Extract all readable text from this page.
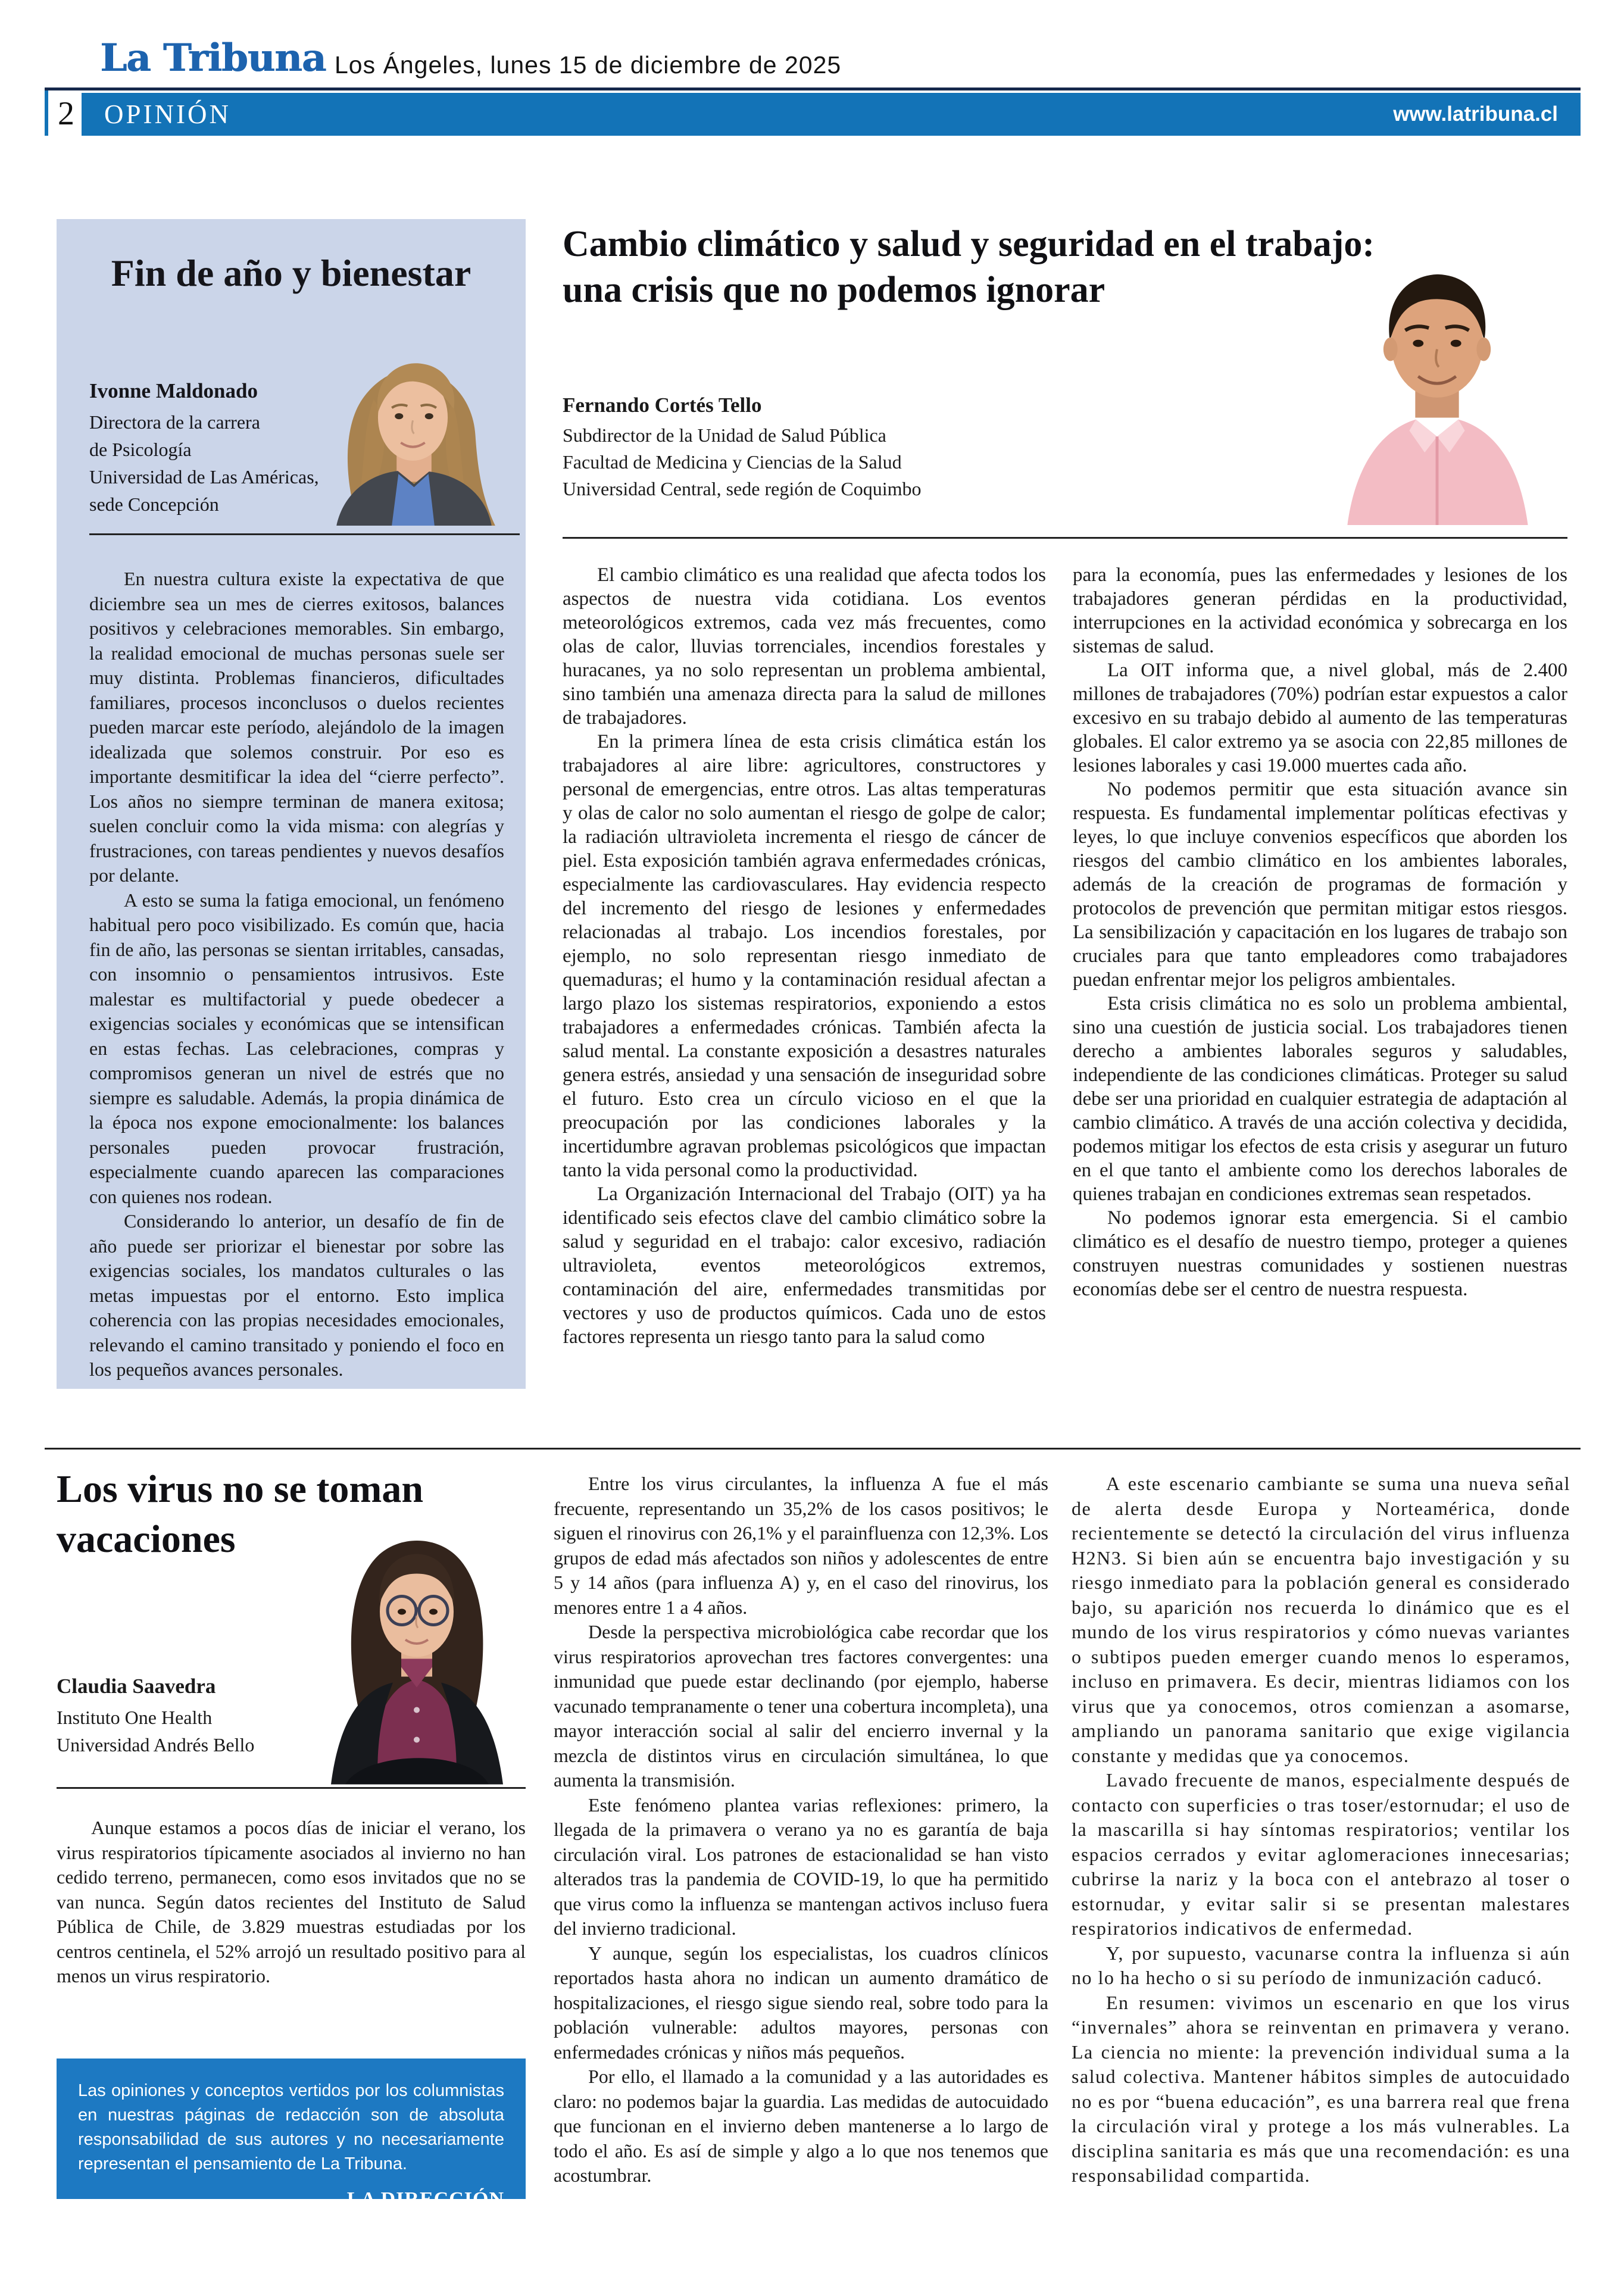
La Tribuna Los Ángeles, lunes 15 de diciembre de 2025
2 OPINIÓN	www.latribuna.cl
Fin de año y bienestar
Ivonne Maldonado
Directora de la carrera
de Psicología
Universidad de Las Américas,
sede Concepción

En nuestra cultura existe la expectativa de que diciembre sea un mes de cierres exitosos, balances positivos y celebraciones memorables. Sin embargo, la realidad emocional de muchas personas suele ser muy distinta. Problemas financieros, dificultades familiares, procesos inconclusos o duelos recientes pueden marcar este período, alejándolo de la imagen idealizada que solemos construir. Por eso es importante desmitificar la idea del “cierre perfecto”. Los años no siempre terminan de manera exitosa; suelen concluir como la vida misma: con alegrías y frustraciones, con tareas pendientes y nuevos desafíos por delante.

A esto se suma la fatiga emocional, un fenómeno habitual pero poco visibilizado. Es común que, hacia fin de año, las personas se sientan irritables, cansadas, con insomnio o pensamientos intrusivos. Este malestar es multifactorial y puede obedecer a exigencias sociales y económicas que se intensifican en estas fechas. Las celebraciones, compras y compromisos generan un nivel de estrés que no siempre es saludable. Además, la propia dinámica de la época nos expone emocionalmente: los balances personales pueden provocar frustración, especialmente cuando aparecen las comparaciones con quienes nos rodean.

Considerando lo anterior, un desafío de fin de año puede ser priorizar el bienestar por sobre las exigencias sociales, los mandatos culturales o las metas impuestas por el entorno. Esto implica coherencia con las propias necesidades emocionales, relevando el camino transitado y poniendo el foco en los pequeños avances personales.

Cambio climático y salud y seguridad en el trabajo:
una crisis que no podemos ignorar
Fernando Cortés Tello
Subdirector de la Unidad de Salud Pública
Facultad de Medicina y Ciencias de la Salud
Universidad Central, sede región de Coquimbo

El cambio climático es una realidad que afecta todos los aspectos de nuestra vida cotidiana. Los eventos meteorológicos extremos, cada vez más frecuentes, como olas de calor, lluvias torrenciales, incendios forestales y huracanes, ya no solo representan un problema ambiental, sino también una amenaza directa para la salud de millones de trabajadores.

En la primera línea de esta crisis climática están los trabajadores al aire libre: agricultores, constructores y personal de emergencias, entre otros. Las altas temperaturas y olas de calor no solo aumentan el riesgo de golpe de calor; la radiación ultravioleta incrementa el riesgo de cáncer de piel. Esta exposición también agrava enfermedades crónicas, especialmente las cardiovasculares. Hay evidencia respecto del incremento del riesgo de lesiones y enfermedades relacionadas al trabajo. Los incendios forestales, por ejemplo, no solo representan riesgo inmediato de quemaduras; el humo y la contaminación residual afectan a largo plazo los sistemas respiratorios, exponiendo a estos trabajadores a enfermedades crónicas. También afecta la salud mental. La constante exposición a desastres naturales genera estrés, ansiedad y una sensación de inseguridad sobre el futuro. Esto crea un círculo vicioso en el que la preocupación por las condiciones laborales y la incertidumbre agravan problemas psicológicos que impactan tanto la vida personal como la productividad.

La Organización Internacional del Trabajo (OIT) ya ha identificado seis efectos clave del cambio climático sobre la salud y seguridad en el trabajo: calor excesivo, radiación ultravioleta, eventos meteorológicos extremos, contaminación del aire, enfermedades transmitidas por vectores y uso de productos químicos. Cada uno de estos factores representa un riesgo tanto para la salud como

para la economía, pues las enfermedades y lesiones de los trabajadores generan pérdidas en la productividad, interrupciones en la actividad económica y sobrecarga en los sistemas de salud.

La OIT informa que, a nivel global, más de 2.400 millones de trabajadores (70%) podrían estar expuestos a calor excesivo en su trabajo debido al aumento de las temperaturas globales. El calor extremo ya se asocia con 22,85 millones de lesiones laborales y casi 19.000 muertes cada año.

No podemos permitir que esta situación avance sin respuesta. Es fundamental implementar políticas efectivas y leyes, lo que incluye convenios específicos que aborden los riesgos del cambio climático en los ambientes laborales, además de la creación de programas de formación y protocolos de prevención que permitan mitigar estos riesgos. La sensibilización y capacitación en los lugares de trabajo son cruciales para que tanto empleadores como trabajadores puedan enfrentar mejor los peligros ambientales.

Esta crisis climática no es solo un problema ambiental, sino una cuestión de justicia social. Los trabajadores tienen derecho a ambientes laborales seguros y saludables, independiente de las condiciones climáticas. Proteger su salud debe ser una prioridad en cualquier estrategia de adaptación al cambio climático. A través de una acción colectiva y decidida, podemos mitigar los efectos de esta crisis y asegurar un futuro en el que tanto el ambiente como los derechos laborales de quienes trabajan en condiciones extremas sean respetados.

No podemos ignorar esta emergencia. Si el cambio climático es el desafío de nuestro tiempo, proteger a quienes construyen nuestras comunidades y sostienen nuestras economías debe ser el centro de nuestra respuesta.

Los virus no se toman
vacaciones
Claudia Saavedra
Instituto One Health
Universidad Andrés Bello

Aunque estamos a pocos días de iniciar el verano, los virus respiratorios típicamente asociados al invierno no han cedido terreno, permanecen, como esos invitados que no se van nunca. Según datos recientes del Instituto de Salud Pública de Chile, de 3.829 muestras estudiadas por los centros centinela, el 52% arrojó un resultado positivo para al menos un virus respiratorio.

Entre los virus circulantes, la influenza A fue el más frecuente, representando un 35,2% de los casos positivos; le siguen el rinovirus con 26,1% y el parainfluenza con 12,3%. Los grupos de edad más afectados son niños y adolescentes de entre 5 y 14 años (para influenza A) y, en el caso del rinovirus, los menores entre 1 a 4 años.

Desde la perspectiva microbiológica cabe recordar que los virus respiratorios aprovechan tres factores convergentes: una inmunidad que puede estar declinando (por ejemplo, haberse vacunado tempranamente o tener una cobertura incompleta), una mayor interacción social al salir del encierro invernal y la mezcla de distintos virus en circulación simultánea, lo que aumenta la transmisión.

Este fenómeno plantea varias reflexiones: primero, la llegada de la primavera o verano ya no es garantía de baja circulación viral. Los patrones de estacionalidad se han visto alterados tras la pandemia de COVID-19, lo que ha permitido que virus como la influenza se mantengan activos incluso fuera del invierno tradicional.

Y aunque, según los especialistas, los cuadros clínicos reportados hasta ahora no indican un aumento dramático de hospitalizaciones, el riesgo sigue siendo real, sobre todo para la población vulnerable: adultos mayores, personas con enfermedades crónicas y niños más pequeños.

Por ello, el llamado a la comunidad y a las autoridades es claro: no podemos bajar la guardia. Las medidas de autocuidado que funcionan en el invierno deben mantenerse a lo largo de todo el año. Es así de simple y algo a lo que nos tenemos que acostumbrar.

A este escenario cambiante se suma una nueva señal de alerta desde Europa y Norteamérica, donde recientemente se detectó la circulación del virus influenza H2N3. Si bien aún se encuentra bajo investigación y su riesgo inmediato para la población general es considerado bajo, su aparición nos recuerda lo dinámico que es el mundo de los virus respiratorios y cómo nuevas variantes o subtipos pueden emerger cuando menos lo esperamos, incluso en primavera. Es decir, mientras lidiamos con los virus que ya conocemos, otros comienzan a asomarse, ampliando un panorama sanitario que exige vigilancia constante y medidas que ya conocemos.

Lavado frecuente de manos, especialmente después de contacto con superficies o tras toser/estornudar; el uso de la mascarilla si hay síntomas respiratorios; ventilar los espacios cerrados y evitar aglomeraciones innecesarias; cubrirse la nariz y la boca con el antebrazo al toser o estornudar, y evitar salir si se presentan malestares respiratorios indicativos de enfermedad.

Y, por supuesto, vacunarse contra la influenza si aún no lo ha hecho o si su período de inmunización caducó.

En resumen: vivimos un escenario en que los virus “invernales” ahora se reinventan en primavera y verano. La ciencia no miente: la prevención individual suma a la salud colectiva. Mantener hábitos simples de autocuidado no es por “buena educación”, es una barrera real que frena la circulación viral y protege a los más vulnerables. La disciplina sanitaria es más que una recomendación: es una responsabilidad compartida.

Las opiniones y conceptos vertidos por los columnistas en nuestras páginas de redacción son de absoluta responsabilidad de sus autores y no necesariamente representan el pensamiento de La Tribuna.

LA DIRECCIÓN
